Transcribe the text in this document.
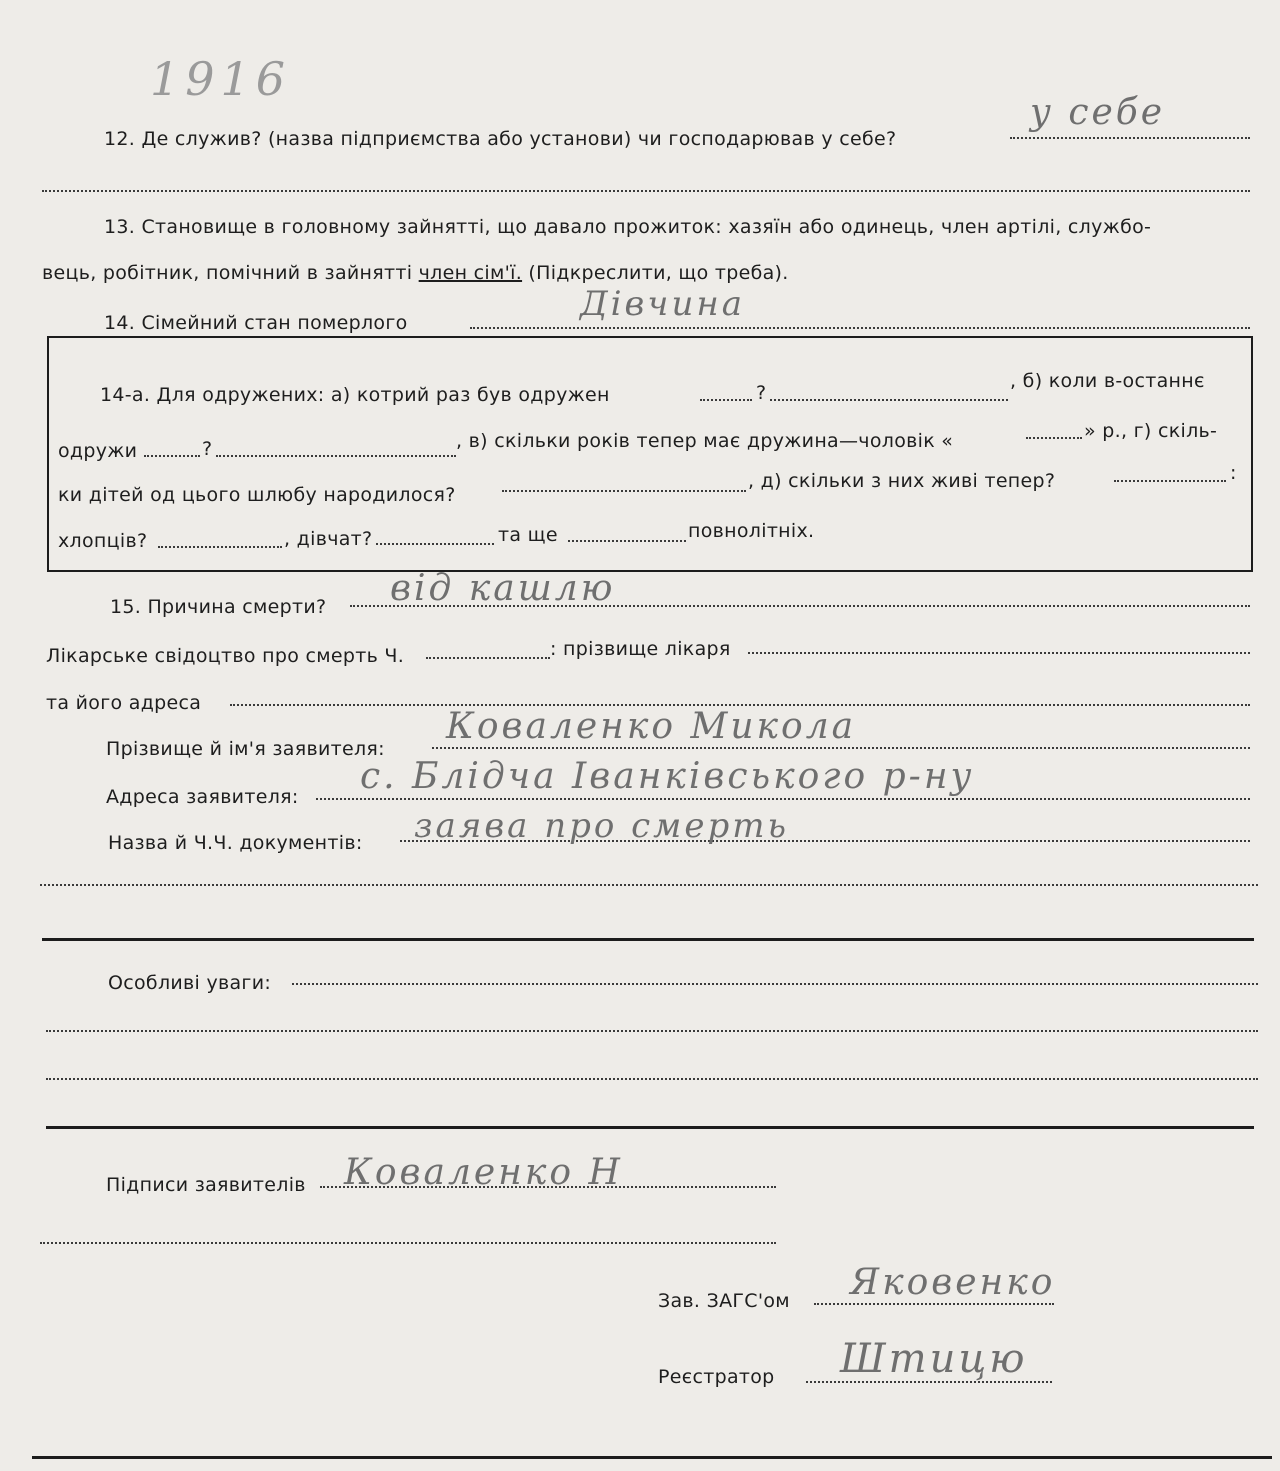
1916
12. Де служив? (назва підприємства або установи) чи господарював у себе?
у себе
13. Становище в головному зайнятті, що давало прожиток: хазяїн або одинець, член артілі, службо-
вець, робітник, помічний в зайнятті член сім'ї. (Підкреслити, що треба).
14. Сімейний стан померлого	Дівчина
14-а. Для одружених: а) котрий раз був одружен	?
, б) коли в-останнє
одружи	?	, в) скільки років тепер має дружина—чоловік «	» р., г) скіль-
ки дітей од цього шлюбу народилося?
, д) скільки з них живі тепер?	:
хлопців?	, дівчат?	та ще	повнолітніх.
15. Причина смерти? від кашлю
Лікарське свідоцтво про смерть Ч.	: прізвище лікаря
та його адреса
Прізвище й ім'я заявителя:
Коваленко Микола
Адреса заявителя: с. Блідча Іванківського р-ну
Назва й Ч.Ч. документів: заява про смерть
Особливі уваги:
Підписи заявителів Коваленко Н
Зав. ЗАГС'ом Яковенко
Реєстратор Штицю
